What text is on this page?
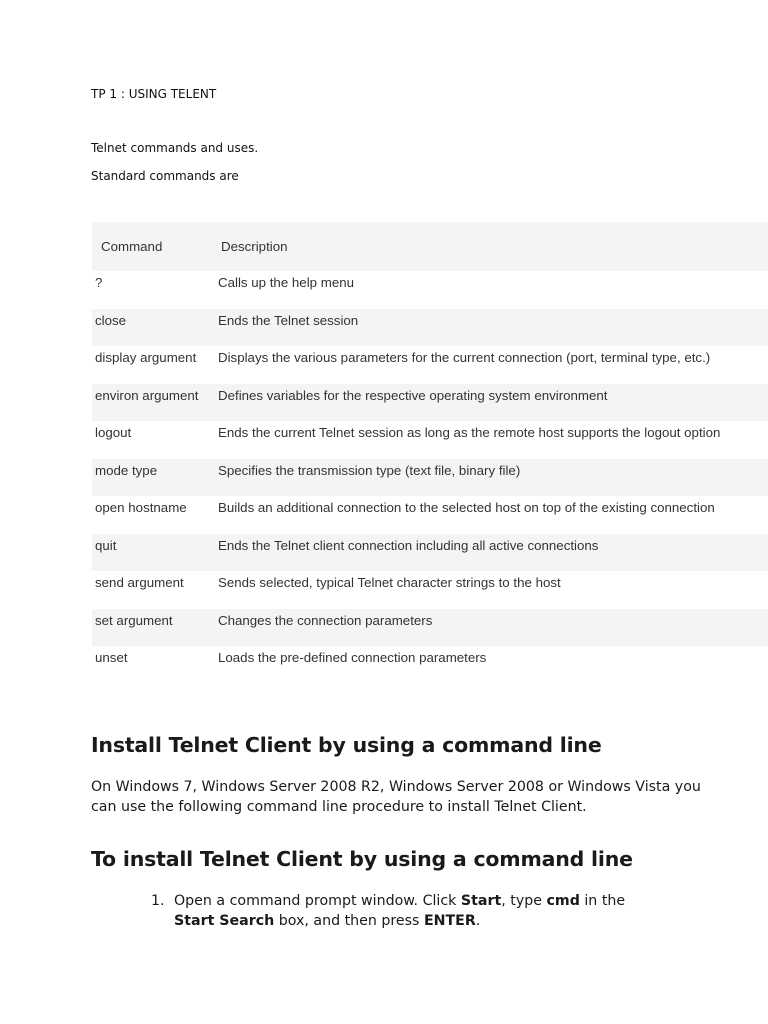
TP 1 : USING TELENT

Telnet commands and uses.

Standard commands are

Command	Description
?	Calls up the help menu
close	Ends the Telnet session
display argument	Displays the various parameters for the current connection (port, terminal type, etc.)
environ argument	Defines variables for the respective operating system environment
logout	Ends the current Telnet session as long as the remote host supports the logout option
mode type	Specifies the transmission type (text file, binary file)
open hostname	Builds an additional connection to the selected host on top of the existing connection
quit	Ends the Telnet client connection including all active connections
send argument	Sends selected, typical Telnet character strings to the host
set argument	Changes the connection parameters
unset	Loads the pre-defined connection parameters
Install Telnet Client by using a command line

On Windows 7, Windows Server 2008 R2, Windows Server 2008 or Windows Vista you can use the following command line procedure to install Telnet Client.

To install Telnet Client by using a command line
1. Open a command prompt window. Click Start, type cmd in the Start Search box, and then press ENTER.
